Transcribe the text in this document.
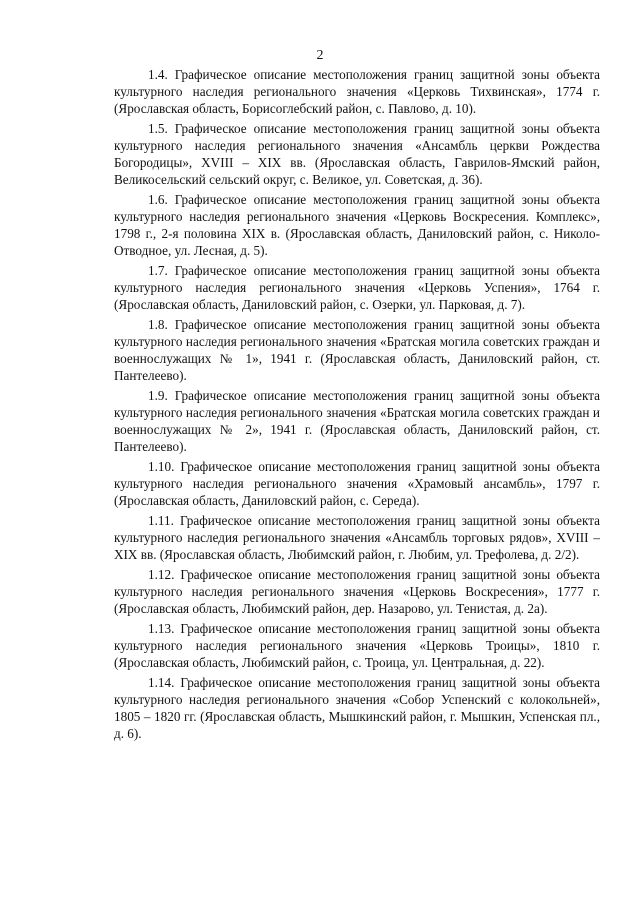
2

1.4. Графическое описание местоположения границ защитной зоны объекта культурного наследия регионального значения «Церковь Тихвинская», 1774 г. (Ярославская область, Борисоглебский район, с. Павлово, д. 10).

1.5. Графическое описание местоположения границ защитной зоны объекта культурного наследия регионального значения «Ансамбль церкви Рождества Богородицы», XVIII – XIX вв. (Ярославская область, Гаврилов-Ямский район, Великосельский сельский округ, с. Великое, ул. Советская, д. 36).

1.6. Графическое описание местоположения границ защитной зоны объекта культурного наследия регионального значения «Церковь Воскресения. Комплекс», 1798 г., 2-я половина XIX в. (Ярославская область, Даниловский район, с. Николо-Отводное, ул. Лесная, д. 5).

1.7. Графическое описание местоположения границ защитной зоны объекта культурного наследия регионального значения «Церковь Успения», 1764 г. (Ярославская область, Даниловский район, с. Озерки, ул. Парковая, д. 7).

1.8. Графическое описание местоположения границ защитной зоны объекта культурного наследия регионального значения «Братская могила советских граждан и военнослужащих № 1», 1941 г. (Ярославская область, Даниловский район, ст. Пантелеево).

1.9. Графическое описание местоположения границ защитной зоны объекта культурного наследия регионального значения «Братская могила советских граждан и военнослужащих № 2», 1941 г. (Ярославская область, Даниловский район, ст. Пантелеево).

1.10. Графическое описание местоположения границ защитной зоны объекта культурного наследия регионального значения «Храмовый ансамбль», 1797 г. (Ярославская область, Даниловский район, с. Середа).

1.11. Графическое описание местоположения границ защитной зоны объекта культурного наследия регионального значения «Ансамбль торговых рядов», XVIII – XIX вв. (Ярославская область, Любимский район, г. Любим, ул. Трефолева, д. 2/2).

1.12. Графическое описание местоположения границ защитной зоны объекта культурного наследия регионального значения «Церковь Воскресения», 1777 г. (Ярославская область, Любимский район, дер. Назарово, ул. Тенистая, д. 2а).

1.13. Графическое описание местоположения границ защитной зоны объекта культурного наследия регионального значения «Церковь Троицы», 1810 г. (Ярославская область, Любимский район, с. Троица, ул. Центральная, д. 22).

1.14. Графическое описание местоположения границ защитной зоны объекта культурного наследия регионального значения «Собор Успенский с колокольней», 1805 – 1820 гг. (Ярославская область, Мышкинский район, г. Мышкин, Успенская пл., д. 6).
